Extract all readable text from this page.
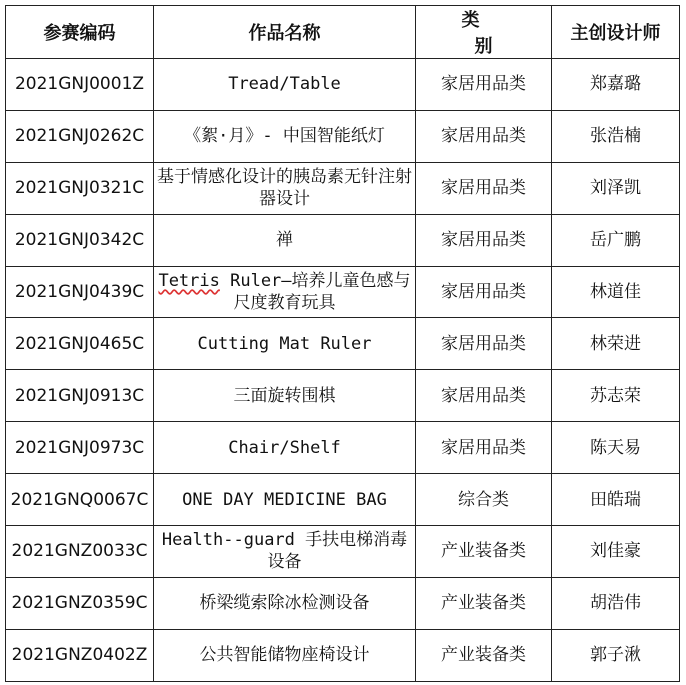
参赛编码	作品名称	类　别	主创设计师
2021GNJ0001Z	Tread/Table	家居用品类	郑嘉璐
2021GNJ0262C	《絮·月》- 中国智能纸灯	家居用品类	张浩楠
2021GNJ0321C	基于情感化设计的胰岛素无针注射器设计	家居用品类	刘泽凯
2021GNJ0342C	禅	家居用品类	岳广鹏
2021GNJ0439C	Tetris Ruler–培养儿童色感与尺度教育玩具	家居用品类	林道佳
2021GNJ0465C	Cutting Mat Ruler	家居用品类	林荣进
2021GNJ0913C	三面旋转围棋	家居用品类	苏志荣
2021GNJ0973C	Chair/Shelf	家居用品类	陈天易
2021GNQ0067C	ONE DAY MEDICINE BAG	综合类	田皓瑞
2021GNZ0033C	Health--guard 手扶电梯消毒设备	产业装备类	刘佳豪
2021GNZ0359C	桥梁缆索除冰检测设备	产业装备类	胡浩伟
2021GNZ0402Z	公共智能储物座椅设计	产业装备类	郭子湫
